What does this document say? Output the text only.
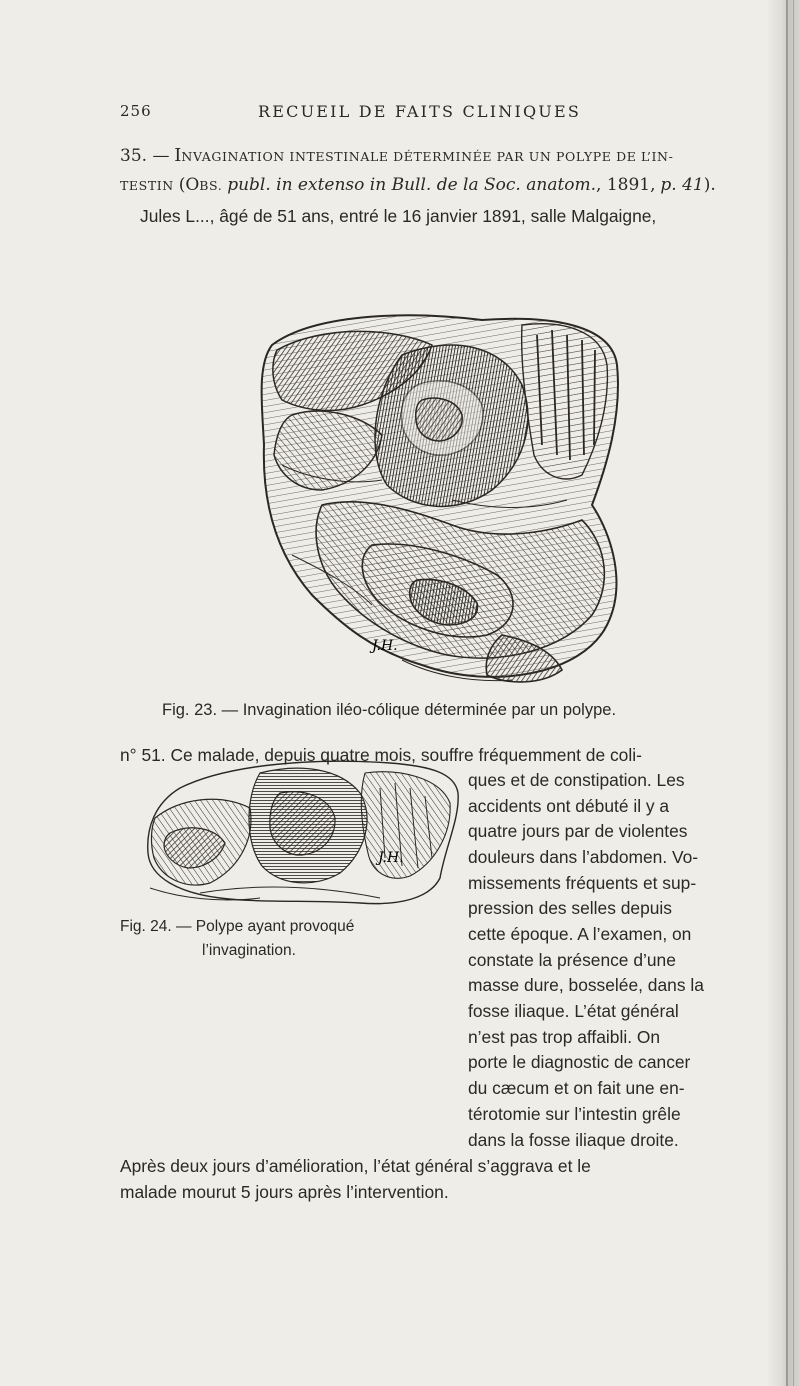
256	RECUEIL DE FAITS CLINIQUES
35. — INVAGINATION INTESTINALE DÉTERMINÉE PAR UN POLYPE DE L’IN-
TESTIN (OBS. publ. in extenso in Bull. de la Soc. anatom., 1891, p. 41).
Jules L..., âgé de 51 ans, entré le 16 janvier 1891, salle Malgaigne,
J.H.
Fig. 23. — Invagination iléo-cólique déterminée par un polype.
n° 51. Ce malade, depuis quatre mois, souffre fréquemment de coli-
ques et de constipation. Les
accidents ont débuté il y a
quatre jours par de violentes
douleurs dans l’abdomen. Vo-
missements fréquents et sup-
pression des selles depuis
cette époque. A l’examen, on
constate la présence d’une
masse dure, bosselée, dans la
fosse iliaque. L’état général
n’est pas trop affaibli. On
porte le diagnostic de cancer
du cæcum et on fait une en-
térotomie sur l’intestin grêle
dans la fosse iliaque droite.
Après deux jours d’amélioration, l’état général s’aggrava et le
malade mourut 5 jours après l’intervention.
J.H.
Fig. 24. — Polype ayant provoqué
l’invagination.
